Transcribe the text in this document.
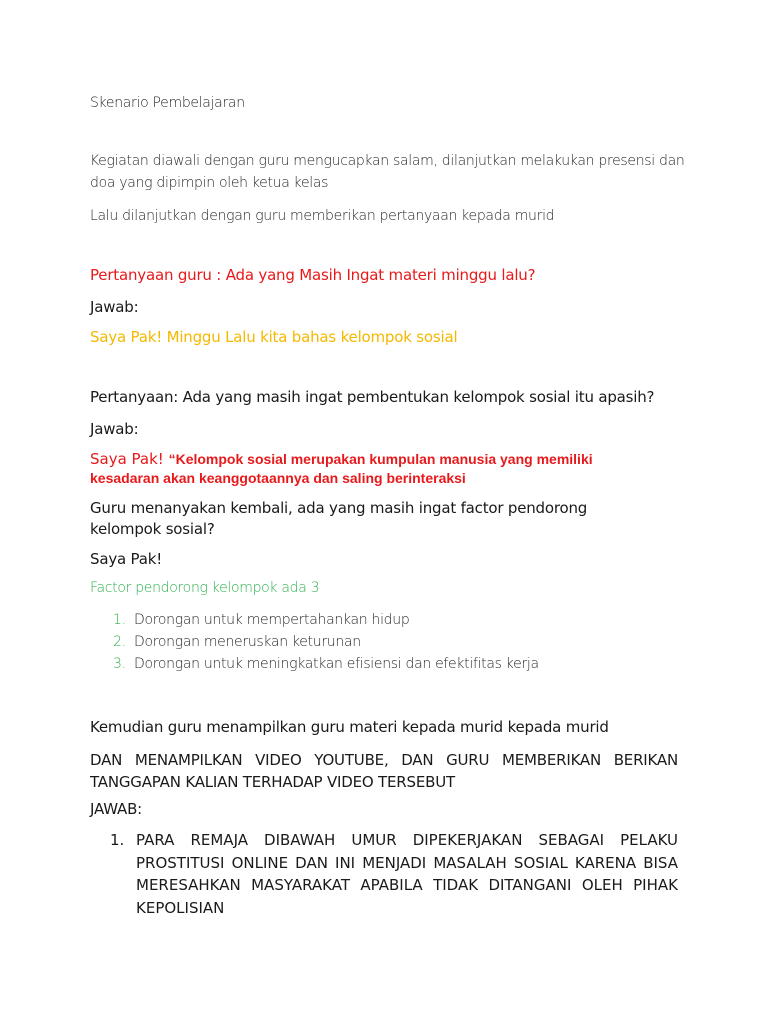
Skenario Pembelajaran

Kegiatan diawali dengan guru mengucapkan salam, dilanjutkan melakukan presensi dan

doa yang dipimpin oleh ketua kelas

Lalu dilanjutkan dengan guru memberikan pertanyaan kepada murid

Pertanyaan guru : Ada yang Masih Ingat materi minggu lalu?

Jawab:

Saya Pak! Minggu Lalu kita bahas kelompok sosial

Pertanyaan: Ada yang masih ingat pembentukan kelompok sosial itu apasih?

Jawab:

Saya Pak! “Kelompok sosial merupakan kumpulan manusia yang memiliki

kesadaran akan keanggotaannya dan saling berinteraksi

Guru menanyakan kembali, ada yang masih ingat factor pendorong

kelompok sosial?

Saya Pak!

Factor pendorong kelompok ada 3

1. Dorongan untuk mempertahankan hidup
2. Dorongan meneruskan keturunan
3. Dorongan untuk meningkatkan efisiensi dan efektifitas kerja

Kemudian guru menampilkan guru materi kepada murid kepada murid

DAN MENAMPILKAN VIDEO YOUTUBE, DAN GURU MEMBERIKAN BERIKAN TANGGAPAN KALIAN TERHADAP VIDEO TERSEBUT

JAWAB:

1. PARA REMAJA DIBAWAH UMUR DIPEKERJAKAN SEBAGAI PELAKU PROSTITUSI ONLINE DAN INI MENJADI MASALAH SOSIAL KARENA BISA MERESAHKAN MASYARAKAT APABILA TIDAK DITANGANI OLEH PIHAK KEPOLISIAN
